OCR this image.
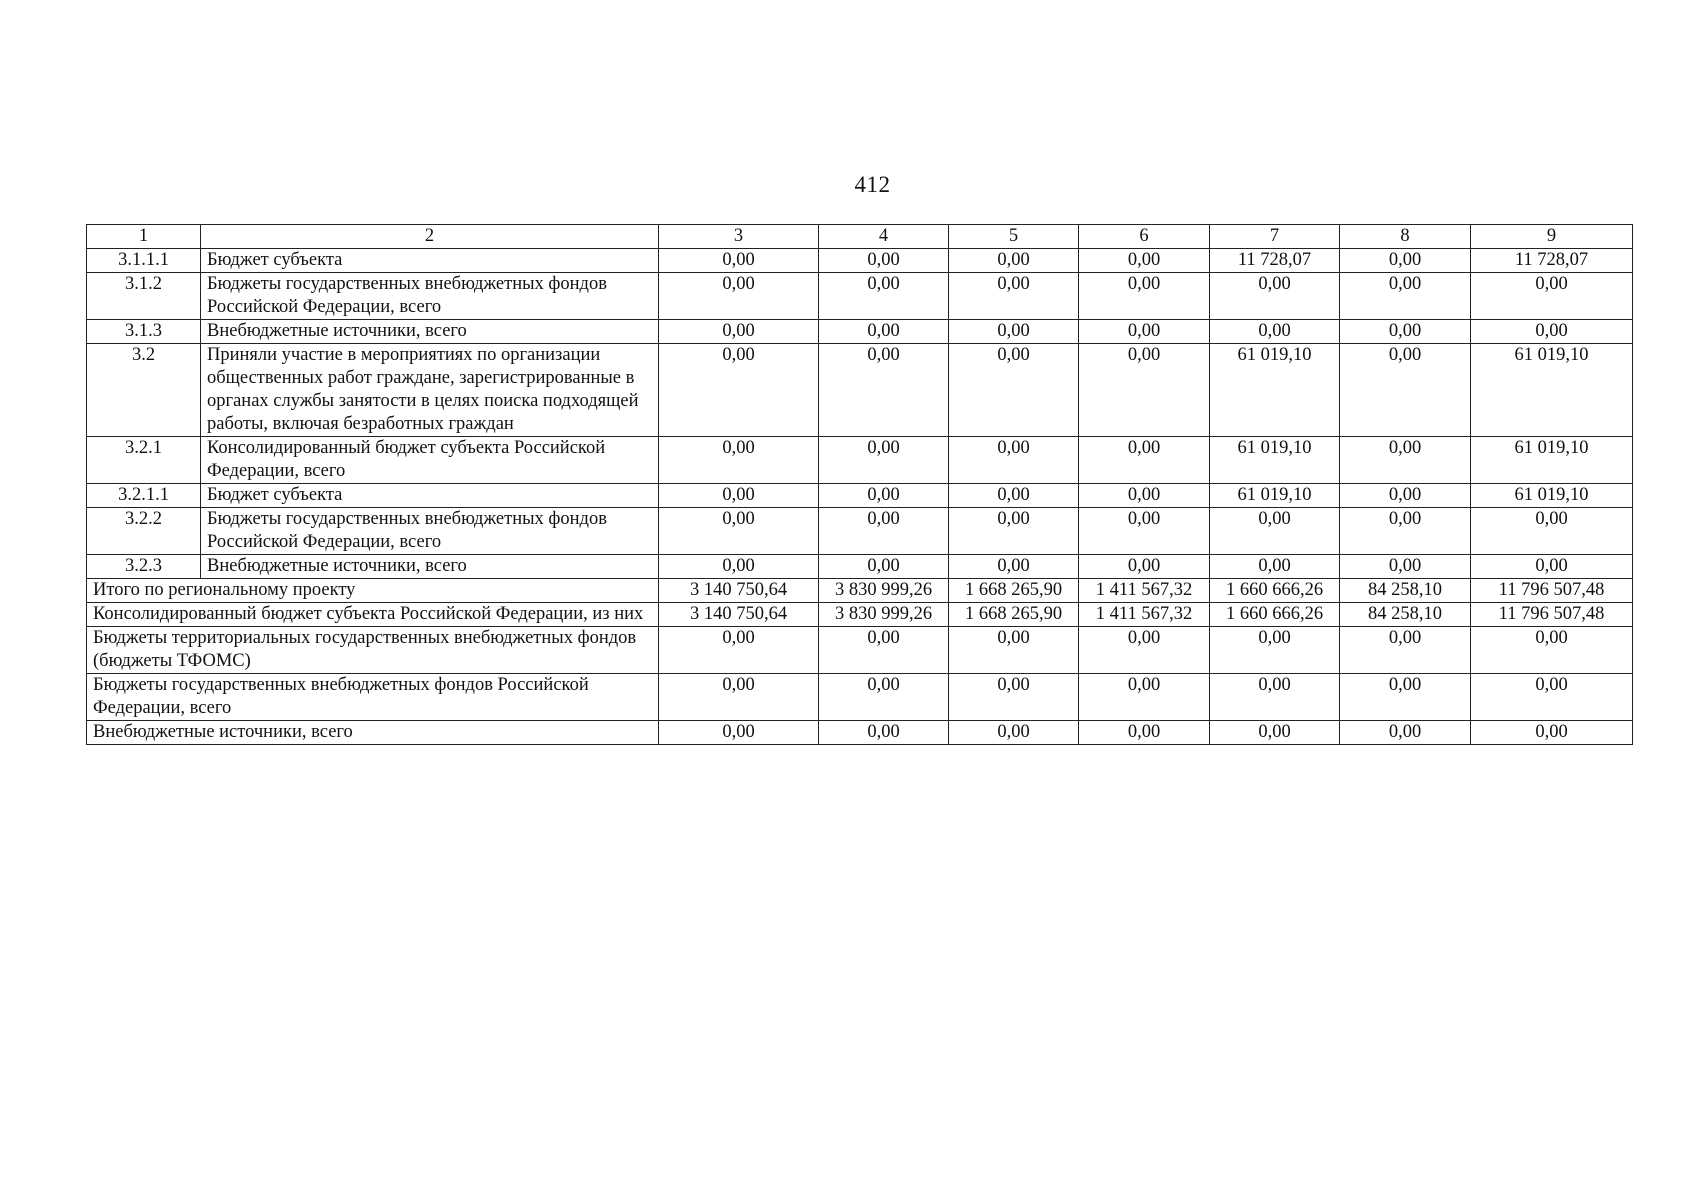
412
1	2	3	4	5	6	7	8	9
3.1.1.1	Бюджет субъекта	0,00	0,00	0,00	0,00	11 728,07	0,00	11 728,07
3.1.2	Бюджеты государственных внебюджетных фондов Российской Федерации, всего	0,00	0,00	0,00	0,00	0,00	0,00	0,00
3.1.3	Внебюджетные источники, всего	0,00	0,00	0,00	0,00	0,00	0,00	0,00
3.2	Приняли участие в мероприятиях по организации общественных работ граждане, зарегистрированные в органах службы занятости в целях поиска подходящей работы, включая безработных граждан	0,00	0,00	0,00	0,00	61 019,10	0,00	61 019,10
3.2.1	Консолидированный бюджет субъекта Российской Федерации, всего	0,00	0,00	0,00	0,00	61 019,10	0,00	61 019,10
3.2.1.1	Бюджет субъекта	0,00	0,00	0,00	0,00	61 019,10	0,00	61 019,10
3.2.2	Бюджеты государственных внебюджетных фондов Российской Федерации, всего	0,00	0,00	0,00	0,00	0,00	0,00	0,00
3.2.3	Внебюджетные источники, всего	0,00	0,00	0,00	0,00	0,00	0,00	0,00
Итого по региональному проекту		3 140 750,64	3 830 999,26	1 668 265,90	1 411 567,32	1 660 666,26	84 258,10	11 796 507,48
Консолидированный бюджет субъекта Российской Федерации, из них		3 140 750,64	3 830 999,26	1 668 265,90	1 411 567,32	1 660 666,26	84 258,10	11 796 507,48
Бюджеты территориальных государственных внебюджетных фондов (бюджеты ТФОМС)		0,00	0,00	0,00	0,00	0,00	0,00	0,00
Бюджеты государственных внебюджетных фондов Российской Федерации, всего		0,00	0,00	0,00	0,00	0,00	0,00	0,00
Внебюджетные источники, всего		0,00	0,00	0,00	0,00	0,00	0,00	0,00
